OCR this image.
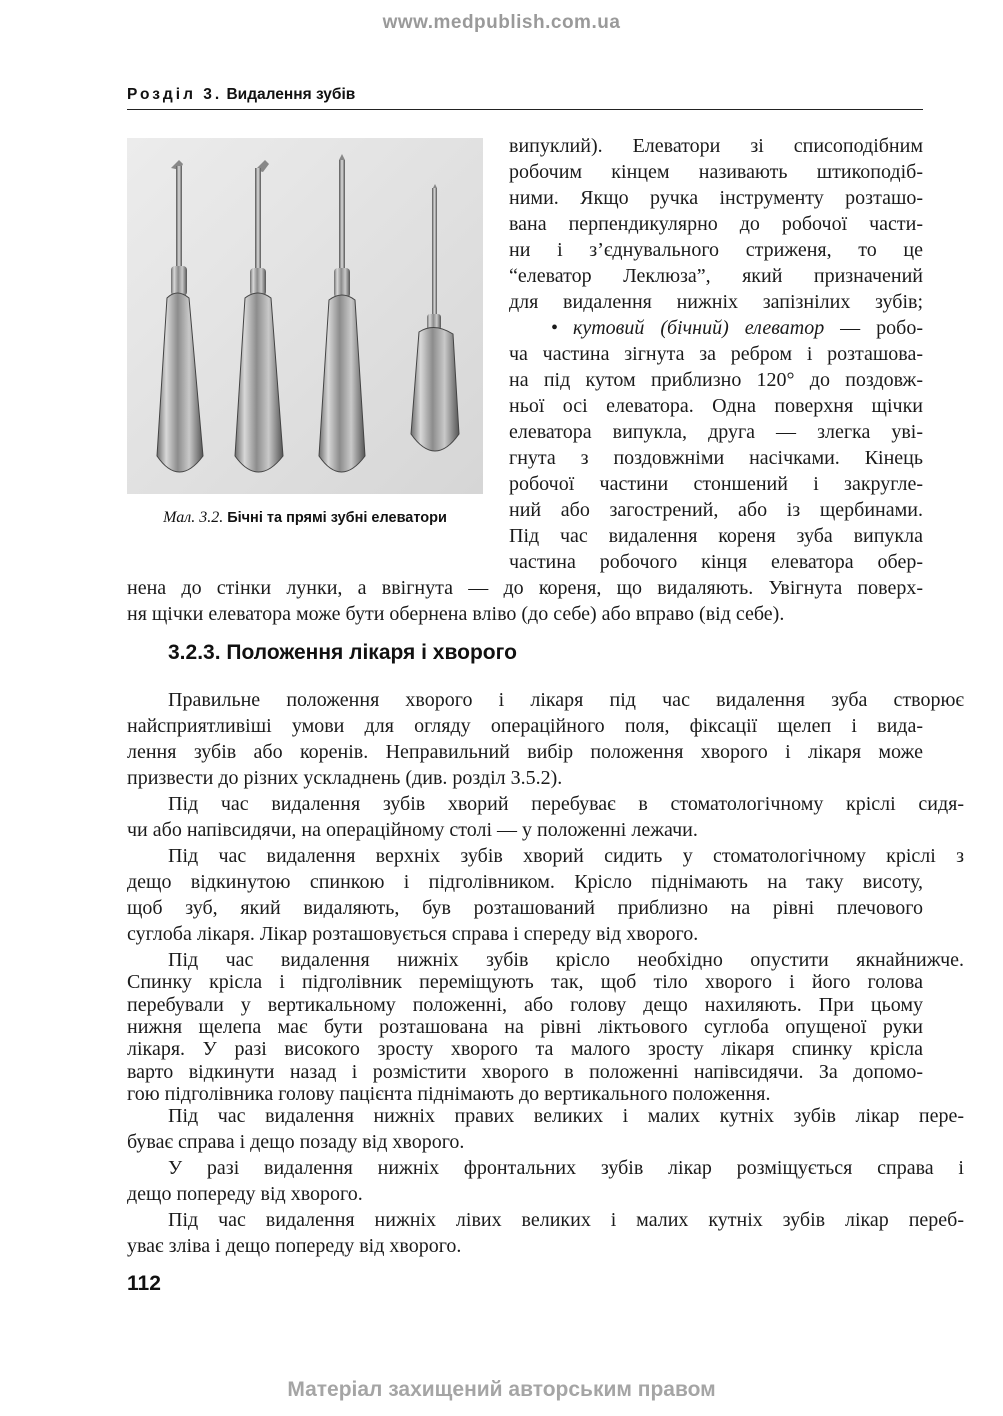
www.medpublish.com.ua
Розділ 3. Видалення зубів
Мал. 3.2. Бічні та прямі зубні елеватори
випуклий). Елеватори зі списоподібним
робочим кінцем називають штикоподіб-
ними. Якщо ручка інструменту розташо-
вана перпендикулярно до робочої части-
ни і з’єднувального стриженя, то це
“елеватор Леклюза”, який призначений
для видалення нижніх запізнілих зубів;
• кутовий (бічний) елеватор — робо-
ча частина зігнута за ребром і розташова-
на під кутом приблизно 120° до поздовж-
ньої осі елеватора. Одна поверхня щічки
елеватора випукла, друга — злегка уві-
гнута з поздовжніми насічками. Кінець
робочої частини стоншений і закругле-
ний або загострений, або із щербинами.
Під час видалення кореня зуба випукла
частина робочого кінця елеватора обер-
нена до стінки лунки, а ввігнута — до кореня, що видаляють. Увігнута поверх-
ня щічки елеватора може бути обернена вліво (до себе) або вправо (від себе).
3.2.3. Положення лікаря і хворого
Правильне положення хворого і лікаря під час видалення зуба створює
найсприятливіші умови для огляду операційного поля, фіксації щелеп і вида-
лення зубів або коренів. Неправильний вибір положення хворого і лікаря може
призвести до різних ускладнень (див. розділ 3.5.2).
Під час видалення зубів хворий перебуває в стоматологічному кріслі сидя-
чи або напівсидячи, на операційному столі — у положенні лежачи.
Під час видалення верхніх зубів хворий сидить у стоматологічному кріслі з
дещо відкинутою спинкою і підголівником. Крісло піднімають на таку висоту,
щоб зуб, який видаляють, був розташований приблизно на рівні плечового
суглоба лікаря. Лікар розташовується справа і спереду від хворого.
Під час видалення нижніх зубів крісло необхідно опустити якнайнижче.
Спинку крісла і підголівник переміщують так, щоб тіло хворого і його голова
перебували у вертикальному положенні, або голову дещо нахиляють. При цьому
нижня щелепа має бути розташована на рівні ліктьового суглоба опущеної руки
лікаря. У разі високого зросту хворого та малого зросту лікаря спинку крісла
варто відкинути назад і розмістити хворого в положенні напівсидячи. За допомо-
гою підголівника голову пацієнта піднімають до вертикального положення.
Під час видалення нижніх правих великих і малих кутніх зубів лікар пере-
буває справа і дещо позаду від хворого.
У разі видалення нижніх фронтальних зубів лікар розміщується справа і
дещо попереду від хворого.
Під час видалення нижніх лівих великих і малих кутніх зубів лікар переб-
112
уває зліва і дещо попереду від хворого.
Матеріал захищений авторським правом
